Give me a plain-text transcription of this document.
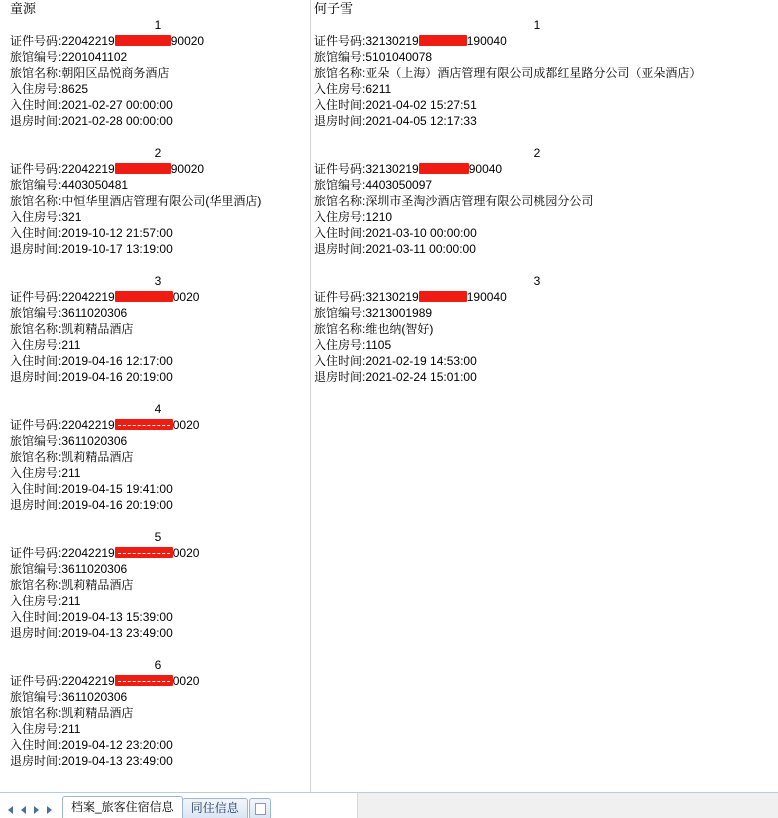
童源
1
证件号码:22042219	90020
旅馆编号:2201041102
旅馆名称:朝阳区品悦商务酒店
入住房号:8625
入住时间:2021-02-27 00:00:00
退房时间:2021-02-28 00:00:00
2
证件号码:22042219	90020
旅馆编号:4403050481
旅馆名称:中恒华里酒店管理有限公司(华里酒店)
入住房号:321
入住时间:2019-10-12 21:57:00
退房时间:2019-10-17 13:19:00
3
证件号码:22042219	0020
旅馆编号:3611020306
旅馆名称:凯莉精品酒店
入住房号:211
入住时间:2019-04-16 12:17:00
退房时间:2019-04-16 20:19:00
4
证件号码:22042219	0020
旅馆编号:3611020306
旅馆名称:凯莉精品酒店
入住房号:211
入住时间:2019-04-15 19:41:00
退房时间:2019-04-16 20:19:00
5
证件号码:22042219	0020
旅馆编号:3611020306
旅馆名称:凯莉精品酒店
入住房号:211
入住时间:2019-04-13 15:39:00
退房时间:2019-04-13 23:49:00
6
证件号码:22042219	0020
旅馆编号:3611020306
旅馆名称:凯莉精品酒店
入住房号:211
入住时间:2019-04-12 23:20:00
退房时间:2019-04-13 23:49:00
何子雪
1
证件号码:32130219	190040
旅馆编号:5101040078
旅馆名称:亚朵（上海）酒店管理有限公司成都红星路分公司（亚朵酒店）
入住房号:6211
入住时间:2021-04-02 15:27:51
退房时间:2021-04-05 12:17:33
2
证件号码:32130219	90040
旅馆编号:4403050097
旅馆名称:深圳市圣淘沙酒店管理有限公司桃园分公司
入住房号:1210
入住时间:2021-03-10 00:00:00
退房时间:2021-03-11 00:00:00
3
证件号码:32130219	190040
旅馆编号:3213001989
旅馆名称:维也纳(智好)
入住房号:1105
入住时间:2021-02-19 14:53:00
退房时间:2021-02-24 15:01:00
档案_旅客住宿信息	同住信息
